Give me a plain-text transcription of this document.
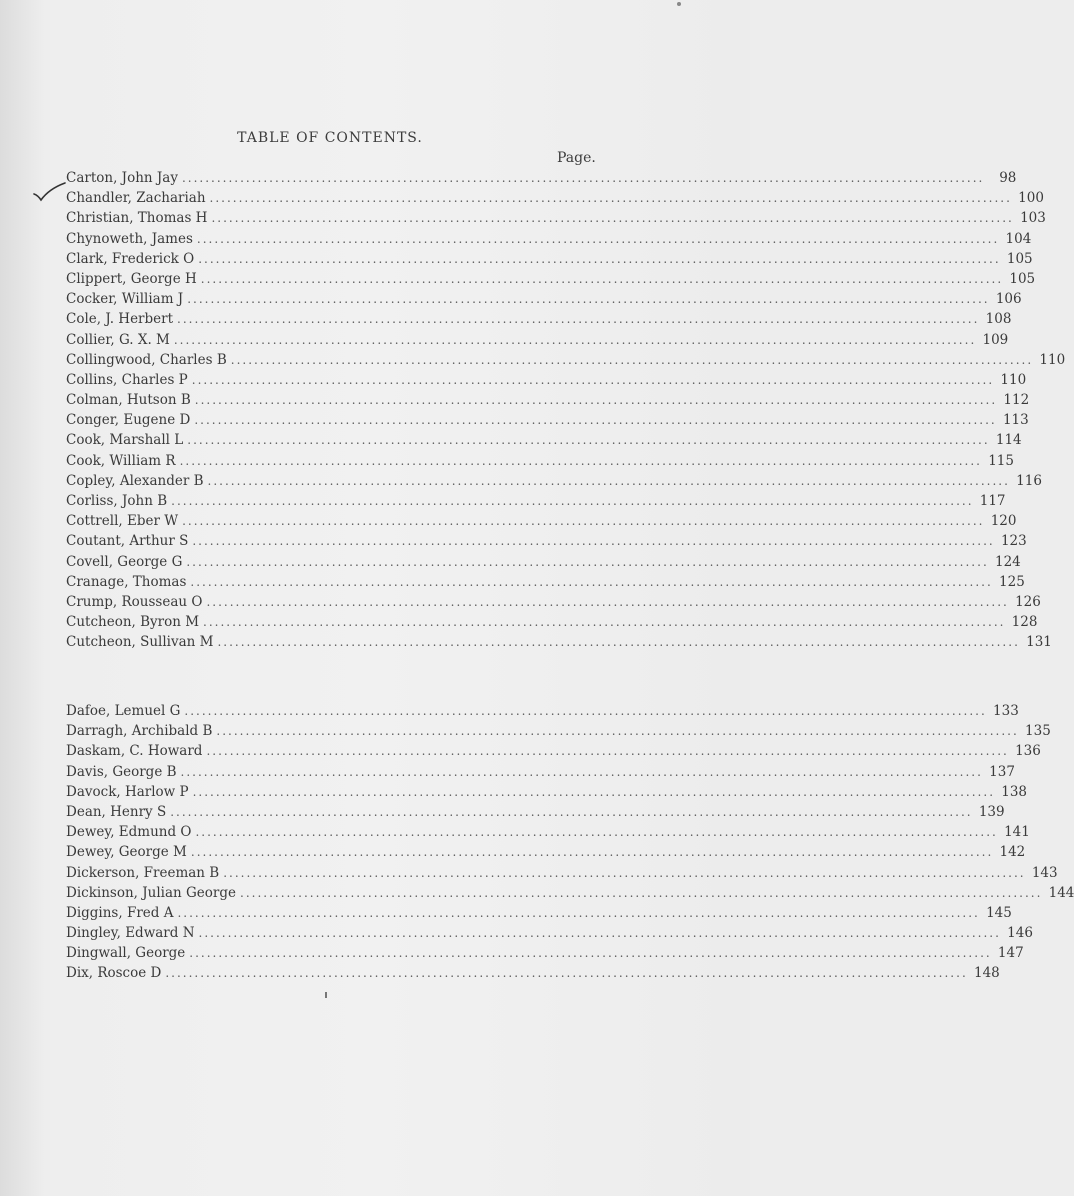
TABLE OF CONTENTS.
Page.
Carton, John Jay ..........................................................................................................................................	98
Chandler, Zachariah .......................................................................................................................................... 100
Christian, Thomas H .......................................................................................................................................... 103
Chynoweth, James .......................................................................................................................................... 104
Clark, Frederick O .......................................................................................................................................... 105
Clippert, George H .......................................................................................................................................... 105
Cocker, William J .......................................................................................................................................... 106
Cole, J. Herbert .......................................................................................................................................... 108
Collier, G. X. M .......................................................................................................................................... 109
Collingwood, Charles B .......................................................................................................................................... 110
Collins, Charles P .......................................................................................................................................... 110
Colman, Hutson B .......................................................................................................................................... 112
Conger, Eugene D .......................................................................................................................................... 113
Cook, Marshall L .......................................................................................................................................... 114
Cook, William R .......................................................................................................................................... 115
Copley, Alexander B .......................................................................................................................................... 116
Corliss, John B .......................................................................................................................................... 117
Cottrell, Eber W .......................................................................................................................................... 120
Coutant, Arthur S .......................................................................................................................................... 123
Covell, George G .......................................................................................................................................... 124
Cranage, Thomas .......................................................................................................................................... 125
Crump, Rousseau O .......................................................................................................................................... 126
Cutcheon, Byron M .......................................................................................................................................... 128
Cutcheon, Sullivan M .......................................................................................................................................... 131
Dafoe, Lemuel G .......................................................................................................................................... 133
Darragh, Archibald B .......................................................................................................................................... 135
Daskam, C. Howard .......................................................................................................................................... 136
Davis, George B .......................................................................................................................................... 137
Davock, Harlow P .......................................................................................................................................... 138
Dean, Henry S .......................................................................................................................................... 139
Dewey, Edmund O .......................................................................................................................................... 141
Dewey, George M .......................................................................................................................................... 142
Dickerson, Freeman B .......................................................................................................................................... 143
Dickinson, Julian George .......................................................................................................................................... 144
Diggins, Fred A .......................................................................................................................................... 145
Dingley, Edward N .......................................................................................................................................... 146
Dingwall, George .......................................................................................................................................... 147
Dix, Roscoe D .......................................................................................................................................... 148
